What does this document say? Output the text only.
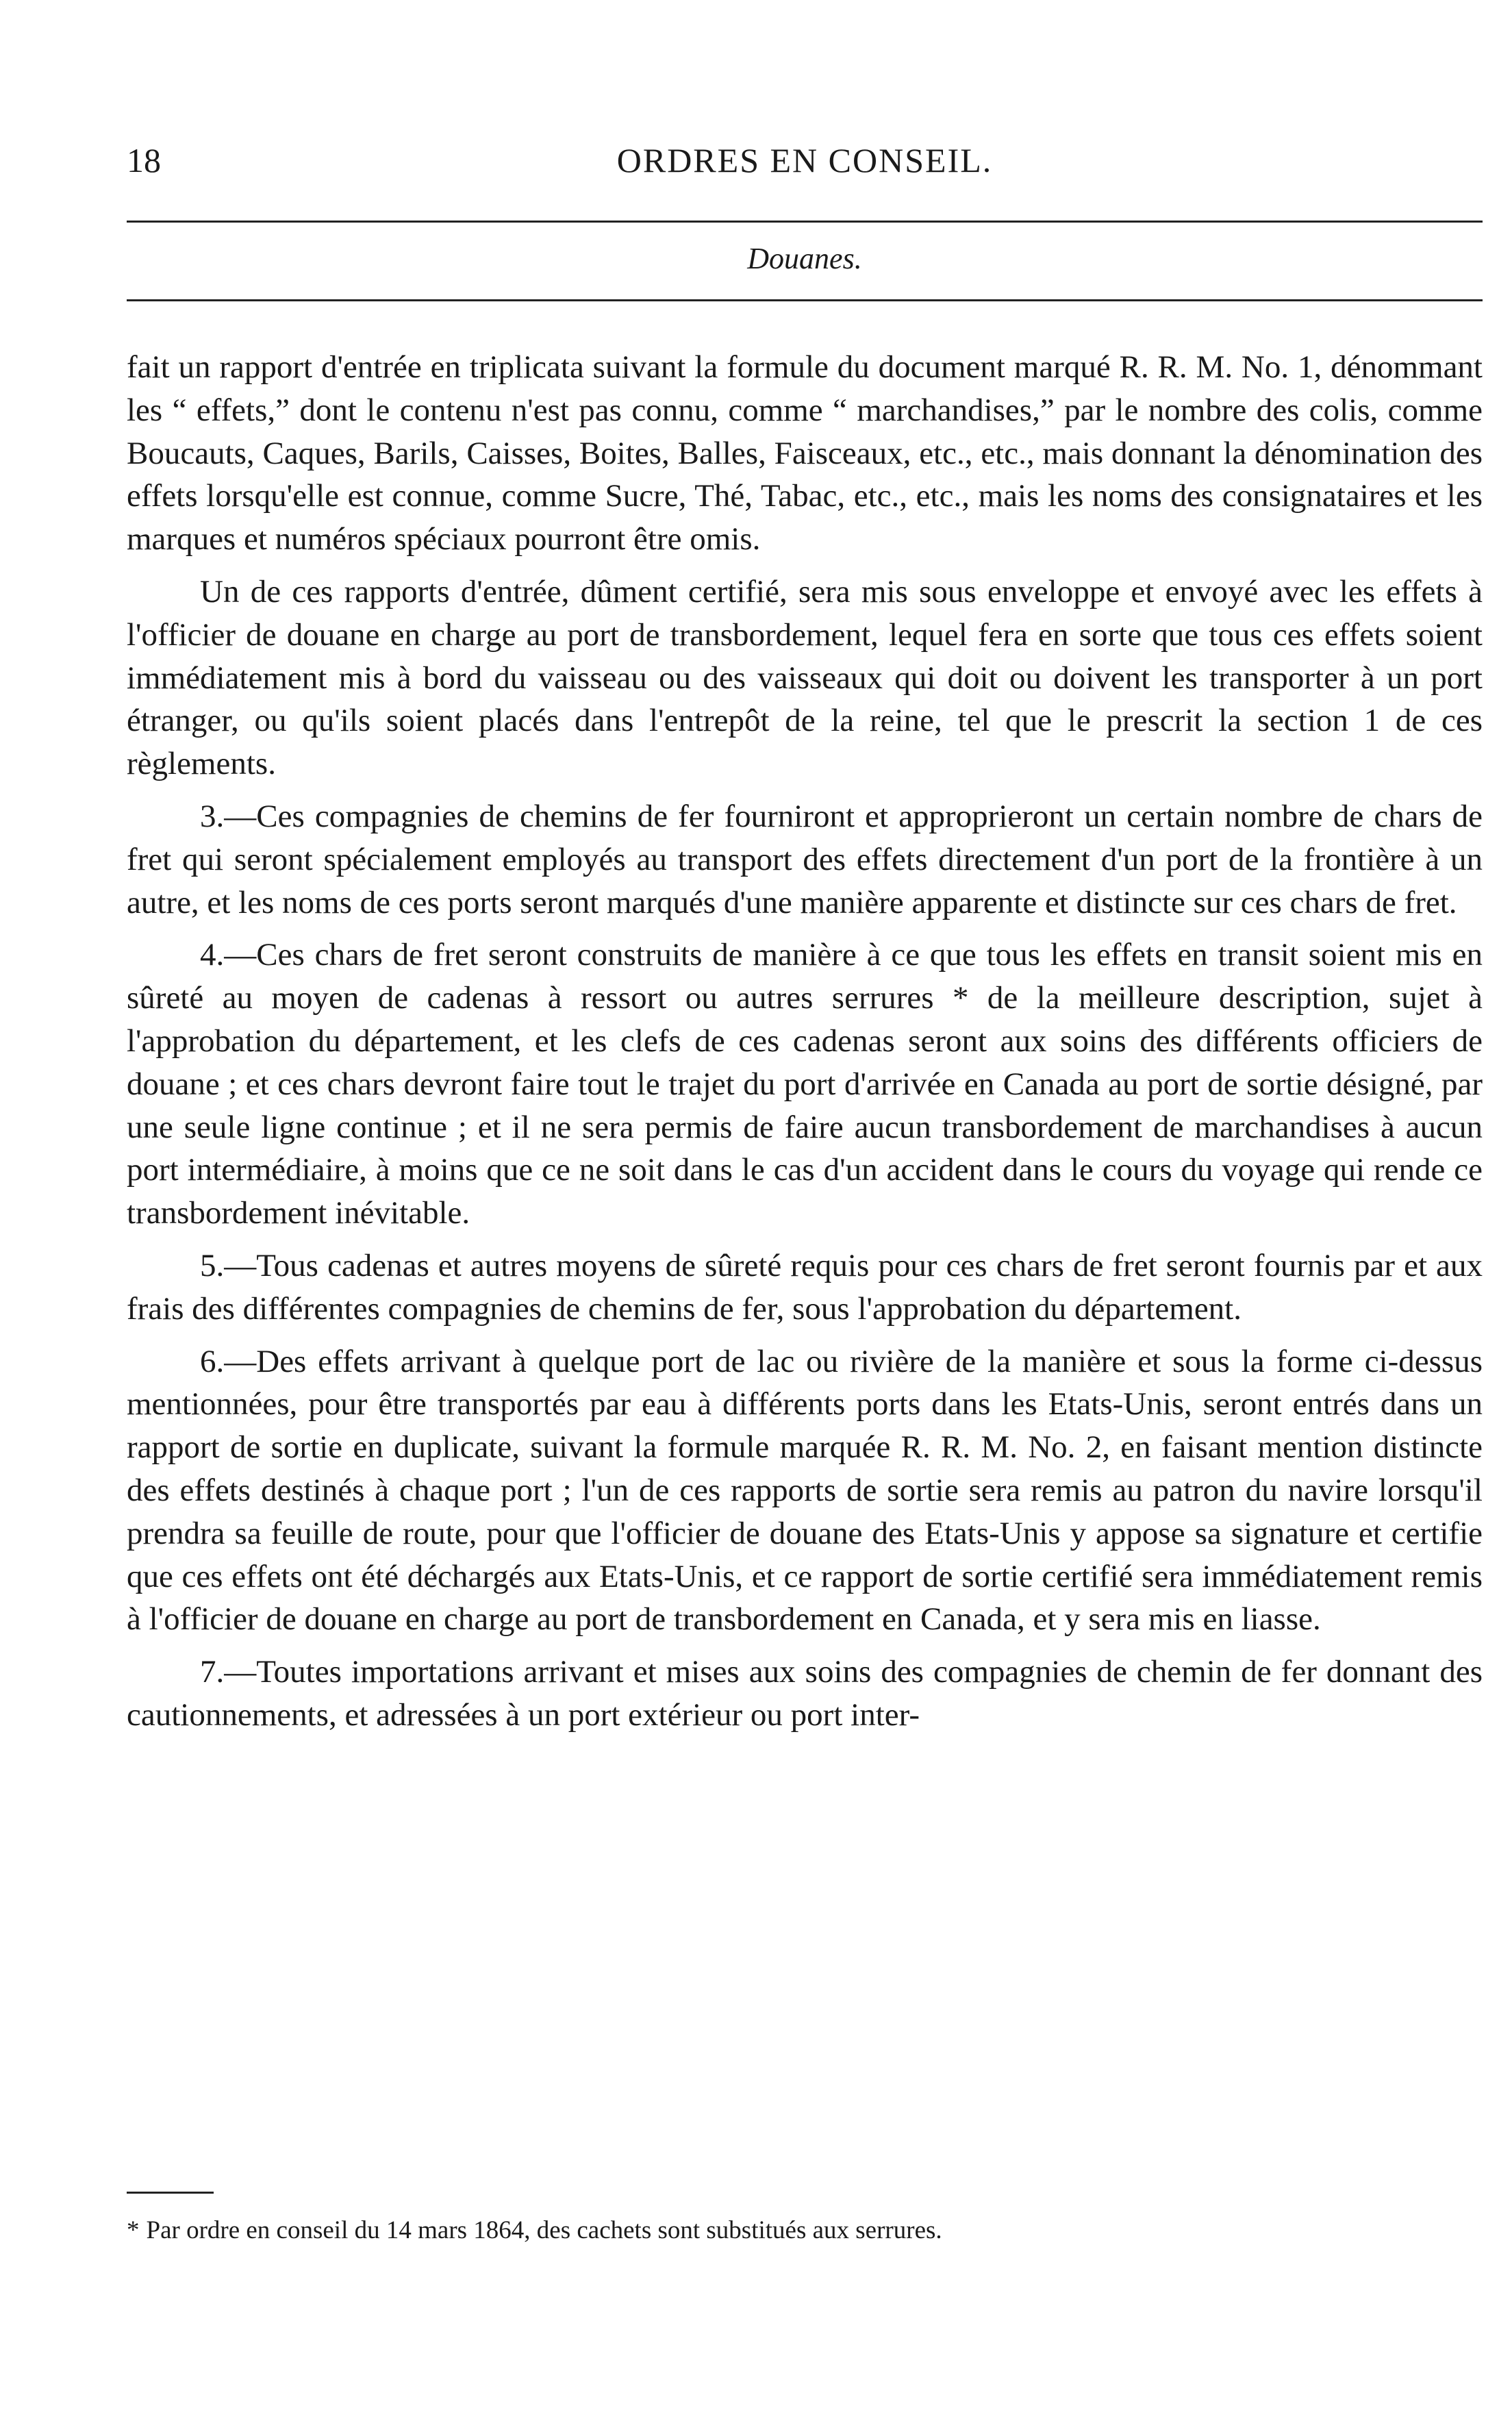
18	ORDRES EN CONSEIL.
Douanes.

fait un rapport d'entrée en triplicata suivant la formule du document marqué R. R. M. No. 1, dénommant les “ effets,” dont le contenu n'est pas connu, comme “ marchandises,” par le nombre des colis, comme Boucauts, Caques, Barils, Caisses, Boites, Balles, Faisceaux, etc., etc., mais donnant la dénomination des effets lorsqu'elle est connue, comme Sucre, Thé, Tabac, etc., etc., mais les noms des consignataires et les marques et numéros spéciaux pourront être omis.

Un de ces rapports d'entrée, dûment certifié, sera mis sous enveloppe et envoyé avec les effets à l'officier de douane en charge au port de transbordement, lequel fera en sorte que tous ces effets soient immédiatement mis à bord du vaisseau ou des vaisseaux qui doit ou doivent les transporter à un port étranger, ou qu'ils soient placés dans l'entrepôt de la reine, tel que le prescrit la section 1 de ces règlements.

3.—Ces compagnies de chemins de fer fourniront et approprieront un certain nombre de chars de fret qui seront spécialement employés au transport des effets directement d'un port de la frontière à un autre, et les noms de ces ports seront marqués d'une manière apparente et distincte sur ces chars de fret.

4.—Ces chars de fret seront construits de manière à ce que tous les effets en transit soient mis en sûreté au moyen de cadenas à ressort ou autres serrures * de la meilleure description, sujet à l'approbation du département, et les clefs de ces cadenas seront aux soins des différents officiers de douane ; et ces chars devront faire tout le trajet du port d'arrivée en Canada au port de sortie désigné, par une seule ligne continue ; et il ne sera permis de faire aucun transbordement de marchandises à aucun port intermédiaire, à moins que ce ne soit dans le cas d'un accident dans le cours du voyage qui rende ce transbordement inévitable.

5.—Tous cadenas et autres moyens de sûreté requis pour ces chars de fret seront fournis par et aux frais des différentes compagnies de chemins de fer, sous l'approbation du département.

6.—Des effets arrivant à quelque port de lac ou rivière de la manière et sous la forme ci-dessus mentionnées, pour être transportés par eau à différents ports dans les Etats-Unis, seront entrés dans un rapport de sortie en duplicate, suivant la formule marquée R. R. M. No. 2, en faisant mention distincte des effets destinés à chaque port ; l'un de ces rapports de sortie sera remis au patron du navire lorsqu'il prendra sa feuille de route, pour que l'officier de douane des Etats-Unis y appose sa signature et certifie que ces effets ont été déchargés aux Etats-Unis, et ce rapport de sortie certifié sera immédiatement remis à l'officier de douane en charge au port de transbordement en Canada, et y sera mis en liasse.

7.—Toutes importations arrivant et mises aux soins des compagnies de chemin de fer donnant des cautionnements, et adressées à un port extérieur ou port inter-

* Par ordre en conseil du 14 mars 1864, des cachets sont substitués aux serrures.
